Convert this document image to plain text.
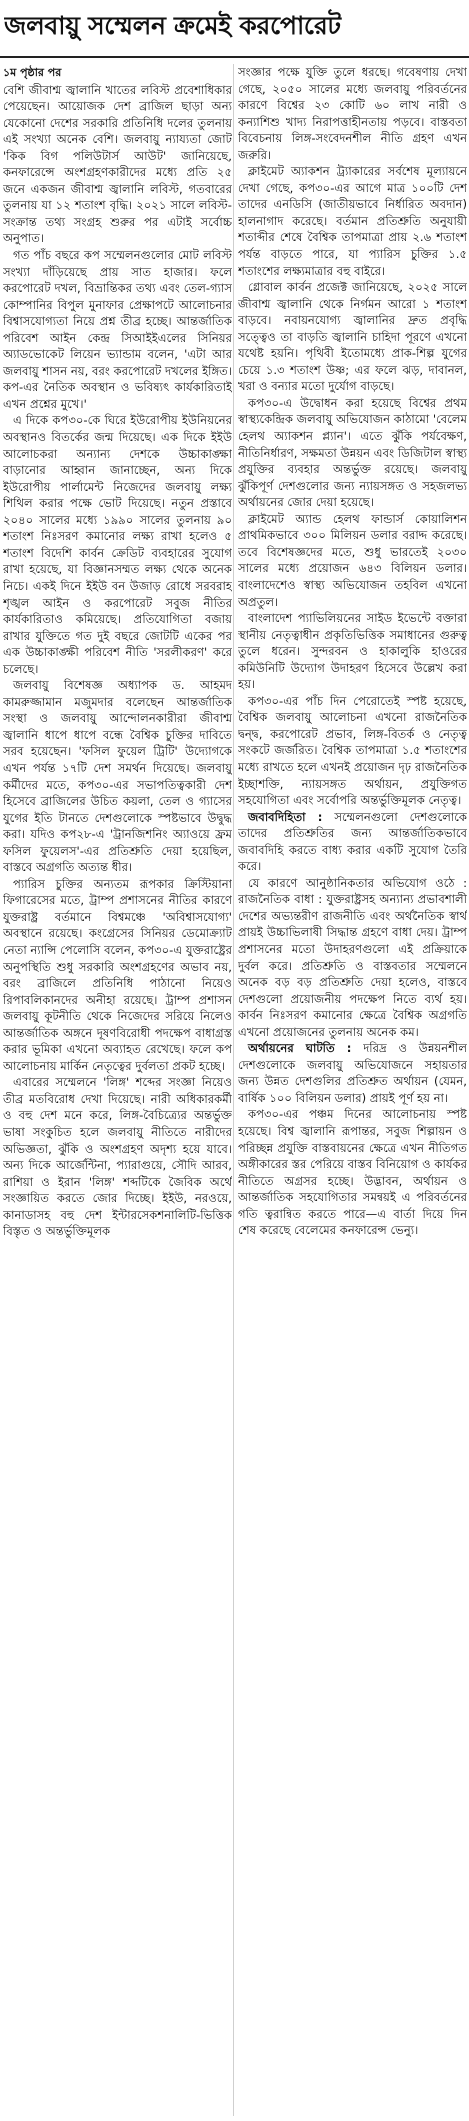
জলবায়ু সম্মেলন ক্রমেই করপোরেট

১ম পৃষ্ঠার পর

বেশি জীবাশ্ম জ্বালানি খাতের লবিস্ট প্রবেশাধিকার পেয়েছেন। আয়োজক দেশ ব্রাজিল ছাড়া অন্য যেকোনো দেশের সরকারি প্রতিনিধি দলের তুলনায় এই সংখ্যা অনেক বেশি। জলবায়ু ন্যায্যতা জোট 'কিক বিগ পলিউটার্স আউট' জানিয়েছে, কনফারেন্সে অংশগ্রহণকারীদের মধ্যে প্রতি ২৫ জনে একজন জীবাশ্ম জ্বালানি লবিস্ট, গতবারের তুলনায় যা ১২ শতাংশ বৃদ্ধি। ২০২১ সালে লবিস্ট-সংক্রান্ত তথ্য সংগ্রহ শুরুর পর এটাই সর্বোচ্চ অনুপাত।

গত পাঁচ বছরে কপ সম্মেলনগুলোর মোট লবিস্ট সংখ্যা দাঁড়িয়েছে প্রায় সাত হাজার। ফলে করপোরেট দখল, বিভ্রান্তিকর তথ্য এবং তেল-গ্যাস কোম্পানির বিপুল মুনাফার প্রেক্ষাপটে আলোচনার বিশ্বাসযোগ্যতা নিয়ে প্রশ্ন তীব্র হচ্ছে। আন্তর্জাতিক পরিবেশ আইন কেন্দ্র সিআইইএলের সিনিয়র অ্যাডভোকেট লিয়েন ভ্যান্ডাম বলেন, 'এটা আর জলবায়ু শাসন নয়, বরং করপোরেট দখলের ইঙ্গিত। কপ-এর নৈতিক অবস্থান ও ভবিষ্যৎ কার্যকারিতাই এখন প্রশ্নের মুখে।'

এ দিকে কপ৩০-কে ঘিরে ইউরোপীয় ইউনিয়নের অবস্থানও বিতর্কের জন্ম দিয়েছে। এক দিকে ইইউ আলোচকরা অন্যান্য দেশকে উচ্চাকাঙ্ক্ষা বাড়ানোর আহ্বান জানাচ্ছেন, অন্য দিকে ইউরোপীয় পার্লামেন্ট নিজেদের জলবায়ু লক্ষ্য শিথিল করার পক্ষে ভোট দিয়েছে। নতুন প্রস্তাবে ২০৪০ সালের মধ্যে ১৯৯০ সালের তুলনায় ৯০ শতাংশ নিঃসরণ কমানোর লক্ষ্য রাখা হলেও ৫ শতাংশ বিদেশি কার্বন ক্রেডিট ব্যবহারের সুযোগ রাখা হয়েছে, যা বিজ্ঞানসম্মত লক্ষ্য থেকে অনেক নিচে। একই দিনে ইইউ বন উজাড় রোধে সরবরাহ শৃঙ্খল আইন ও করপোরেট সবুজ নীতির কার্যকারিতাও কমিয়েছে। প্রতিযোগিতা বজায় রাখার যুক্তিতে গত দুই বছরে জোটটি একের পর এক উচ্চাকাঙ্ক্ষী পরিবেশ নীতি 'সরলীকরণ' করে চলেছে।

জলবায়ু বিশেষজ্ঞ অধ্যাপক ড. আহমদ কামরুজ্জামান মজুমদার বলেছেন আন্তর্জাতিক সংস্থা ও জলবায়ু আন্দোলনকারীরা জীবাশ্ম জ্বালানি ধাপে ধাপে বন্ধে বৈশ্বিক চুক্তির দাবিতে সরব হয়েছেন। 'ফসিল ফুয়েল ট্রিটি' উদ্যোগকে এখন পর্যন্ত ১৭টি দেশ সমর্থন দিয়েছে। জলবায়ু কর্মীদের মতে, কপ৩০-এর সভাপতিত্বকারী দেশ হিসেবে ব্রাজিলের উচিত কয়লা, তেল ও গ্যাসের যুগের ইতি টানতে দেশগুলোকে স্পষ্টভাবে উদ্বুদ্ধ করা। যদিও কপ২৮-এ 'ট্রানজিশনিং অ্যাওয়ে ফ্রম ফসিল ফুয়েলস'-এর প্রতিশ্রুতি দেয়া হয়েছিল, বাস্তবে অগ্রগতি অত্যন্ত ধীর।

প্যারিস চুক্তির অন্যতম রূপকার ক্রিস্টিয়ানা ফিগারেসের মতে, ট্রাম্প প্রশাসনের নীতির কারণে যুক্তরাষ্ট্র বর্তমানে বিশ্বমঞ্চে 'অবিশ্বাসযোগ্য' অবস্থানে রয়েছে। কংগ্রেসের সিনিয়র ডেমোক্র্যাট নেতা ন্যান্সি পেলোসি বলেন, কপ৩০-এ যুক্তরাষ্ট্রের অনুপস্থিতি শুধু সরকারি অংশগ্রহণের অভাব নয়, বরং ব্রাজিলে প্রতিনিধি পাঠানো নিয়েও রিপাবলিকানদের অনীহা রয়েছে। ট্রাম্প প্রশাসন জলবায়ু কূটনীতি থেকে নিজেদের সরিয়ে নিলেও আন্তর্জাতিক অঙ্গনে দূষণবিরোধী পদক্ষেপ বাধাগ্রস্ত করার ভূমিকা এখনো অব্যাহত রেখেছে। ফলে কপ আলোচনায় মার্কিন নেতৃত্বের দুর্বলতা প্রকট হচ্ছে।

এবারের সম্মেলনে 'লিঙ্গ' শব্দের সংজ্ঞা নিয়েও তীব্র মতবিরোধ দেখা দিয়েছে। নারী অধিকারকর্মী ও বহু দেশ মনে করে, লিঙ্গ-বৈচিত্র্যের অন্তর্ভুক্ত ভাষা সংকুচিত হলে জলবায়ু নীতিতে নারীদের অভিজ্ঞতা, ঝুঁকি ও অংশগ্রহণ অদৃশ্য হয়ে যাবে। অন্য দিকে আর্জেন্টিনা, প্যারাগুয়ে, সৌদি আরব, রাশিয়া ও ইরান 'লিঙ্গ' শব্দটিকে জৈবিক অর্থে সংজ্ঞায়িত করতে জোর দিচ্ছে। ইইউ, নরওয়ে, কানাডাসহ বহু দেশ ইন্টারসেকশনালিটি-ভিত্তিক বিস্তৃত ও অন্তর্ভুক্তিমূলক

সংজ্ঞার পক্ষে যুক্তি তুলে ধরছে। গবেষণায় দেখা গেছে, ২০৫০ সালের মধ্যে জলবায়ু পরিবর্তনের কারণে বিশ্বের ২৩ কোটি ৬০ লাখ নারী ও কন্যাশিশু খাদ্য নিরাপত্তাহীনতায় পড়বে। বাস্তবতা বিবেচনায় লিঙ্গ-সংবেদনশীল নীতি গ্রহণ এখন জরুরি।

ক্লাইমেট অ্যাকশন ট্র্যাকারের সর্বশেষ মূল্যায়নে দেখা গেছে, কপ৩০-এর আগে মাত্র ১০০টি দেশ তাদের এনডিসি (জাতীয়ভাবে নির্ধারিত অবদান) হালনাগাদ করেছে। বর্তমান প্রতিশ্রুতি অনুযায়ী শতাব্দীর শেষে বৈশ্বিক তাপমাত্রা প্রায় ২.৬ শতাংশ পর্যন্ত বাড়তে পারে, যা প্যারিস চুক্তির ১.৫ শতাংশের লক্ষ্যমাত্রার বহু বাইরে।

গ্লোবাল কার্বন প্রজেক্ট জানিয়েছে, ২০২৫ সালে জীবাশ্ম জ্বালানি থেকে নির্গমন আরো ১ শতাংশ বাড়বে। নবায়নযোগ্য জ্বালানির দ্রুত প্রবৃদ্ধি সত্ত্বেও তা বাড়তি জ্বালানি চাহিদা পূরণে এখনো যথেষ্ট হয়নি। পৃথিবী ইতোমধ্যে প্রাক-শিল্প যুগের চেয়ে ১.৩ শতাংশ উষ্ণ; এর ফলে ঝড়, দাবানল, খরা ও বন্যার মতো দুর্যোগ বাড়ছে।

কপ৩০-এ উদ্বোধন করা হয়েছে বিশ্বের প্রথম স্বাস্থ্যকেন্দ্রিক জলবায়ু অভিযোজন কাঠামো 'বেলেম হেলথ অ্যাকশন প্ল্যান'। এতে ঝুঁকি পর্যবেক্ষণ, নীতিনির্ধারণ, সক্ষমতা উন্নয়ন এবং ডিজিটাল স্বাস্থ্য প্রযুক্তির ব্যবহার অন্তর্ভুক্ত রয়েছে। জলবায়ু ঝুঁকিপূর্ণ দেশগুলোর জন্য ন্যায়সঙ্গত ও সহজলভ্য অর্থায়নের জোর দেয়া হয়েছে।

ক্লাইমেট অ্যান্ড হেলথ ফান্ডার্স কোয়ালিশন প্রাথমিকভাবে ৩০০ মিলিয়ন ডলার বরাদ্দ করেছে। তবে বিশেষজ্ঞদের মতে, শুধু ভারতেই ২০৩০ সালের মধ্যে প্রয়োজন ৬৪৩ বিলিয়ন ডলার। বাংলাদেশেও স্বাস্থ্য অভিযোজন তহবিল এখনো অপ্রতুল।

বাংলাদেশ প্যাভিলিয়নের সাইড ইভেন্টে বক্তারা স্থানীয় নেতৃত্বাধীন প্রকৃতিভিত্তিক সমাধানের গুরুত্ব তুলে ধরেন। সুন্দরবন ও হাকালুকি হাওরের কমিউনিটি উদ্যোগ উদাহরণ হিসেবে উল্লেখ করা হয়।

কপ৩০-এর পাঁচ দিন পেরোতেই স্পষ্ট হয়েছে, বৈশ্বিক জলবায়ু আলোচনা এখনো রাজনৈতিক দ্বন্দ্ব, করপোরেট প্রভাব, লিঙ্গ-বিতর্ক ও নেতৃত্ব সংকটে জর্জরিত। বৈশ্বিক তাপমাত্রা ১.৫ শতাংশের মধ্যে রাখতে হলে এখনই প্রয়োজন দৃঢ় রাজনৈতিক ইচ্ছাশক্তি, ন্যায়সঙ্গত অর্থায়ন, প্রযুক্তিগত সহযোগিতা এবং সর্বোপরি অন্তর্ভুক্তিমূলক নেতৃত্ব।

জবাবদিহিতা : সম্মেলনগুলো দেশগুলোকে তাদের প্রতিশ্রুতির জন্য আন্তর্জাতিকভাবে জবাবদিহি করতে বাধ্য করার একটি সুযোগ তৈরি করে।

যে কারণে আনুষ্ঠানিকতার অভিযোগ ওঠে : রাজনৈতিক বাধা : যুক্তরাষ্ট্রসহ অন্যান্য প্রভাবশালী দেশের অভ্যন্তরীণ রাজনীতি এবং অর্থনৈতিক স্বার্থ প্রায়ই উচ্চাভিলাষী সিদ্ধান্ত গ্রহণে বাধা দেয়। ট্রাম্প প্রশাসনের মতো উদাহরণগুলো এই প্রক্রিয়াকে দুর্বল করে। প্রতিশ্রুতি ও বাস্তবতার সম্মেলনে অনেক বড় বড় প্রতিশ্রুতি দেয়া হলেও, বাস্তবে দেশগুলো প্রয়োজনীয় পদক্ষেপ নিতে ব্যর্থ হয়। কার্বন নিঃসরণ কমানোর ক্ষেত্রে বৈশ্বিক অগ্রগতি এখনো প্রয়োজনের তুলনায় অনেক কম।

অর্থায়নের ঘাটতি : দরিদ্র ও উন্নয়নশীল দেশগুলোকে জলবায়ু অভিযোজনে সহায়তার জন্য উন্নত দেশগুলির প্রতিশ্রুত অর্থায়ন (যেমন, বার্ষিক ১০০ বিলিয়ন ডলার) প্রায়ই পূর্ণ হয় না।

কপ৩০-এর পঞ্চম দিনের আলোচনায় স্পষ্ট হয়েছে। বিশ্ব জ্বালানি রূপান্তর, সবুজ শিল্পায়ন ও পরিচ্ছন্ন প্রযুক্তি বাস্তবায়নের ক্ষেত্রে এখন নীতিগত অঙ্গীকারের স্তর পেরিয়ে বাস্তব বিনিয়োগ ও কার্যকর নীতিতে অগ্রসর হচ্ছে। উদ্ভাবন, অর্থায়ন ও আন্তর্জাতিক সহযোগিতার সমন্বয়ই এ পরিবর্তনের গতি ত্বরান্বিত করতে পারে—এ বার্তা দিয়ে দিন শেষ করেছে বেলেমের কনফারেন্স ভেন্যু।
